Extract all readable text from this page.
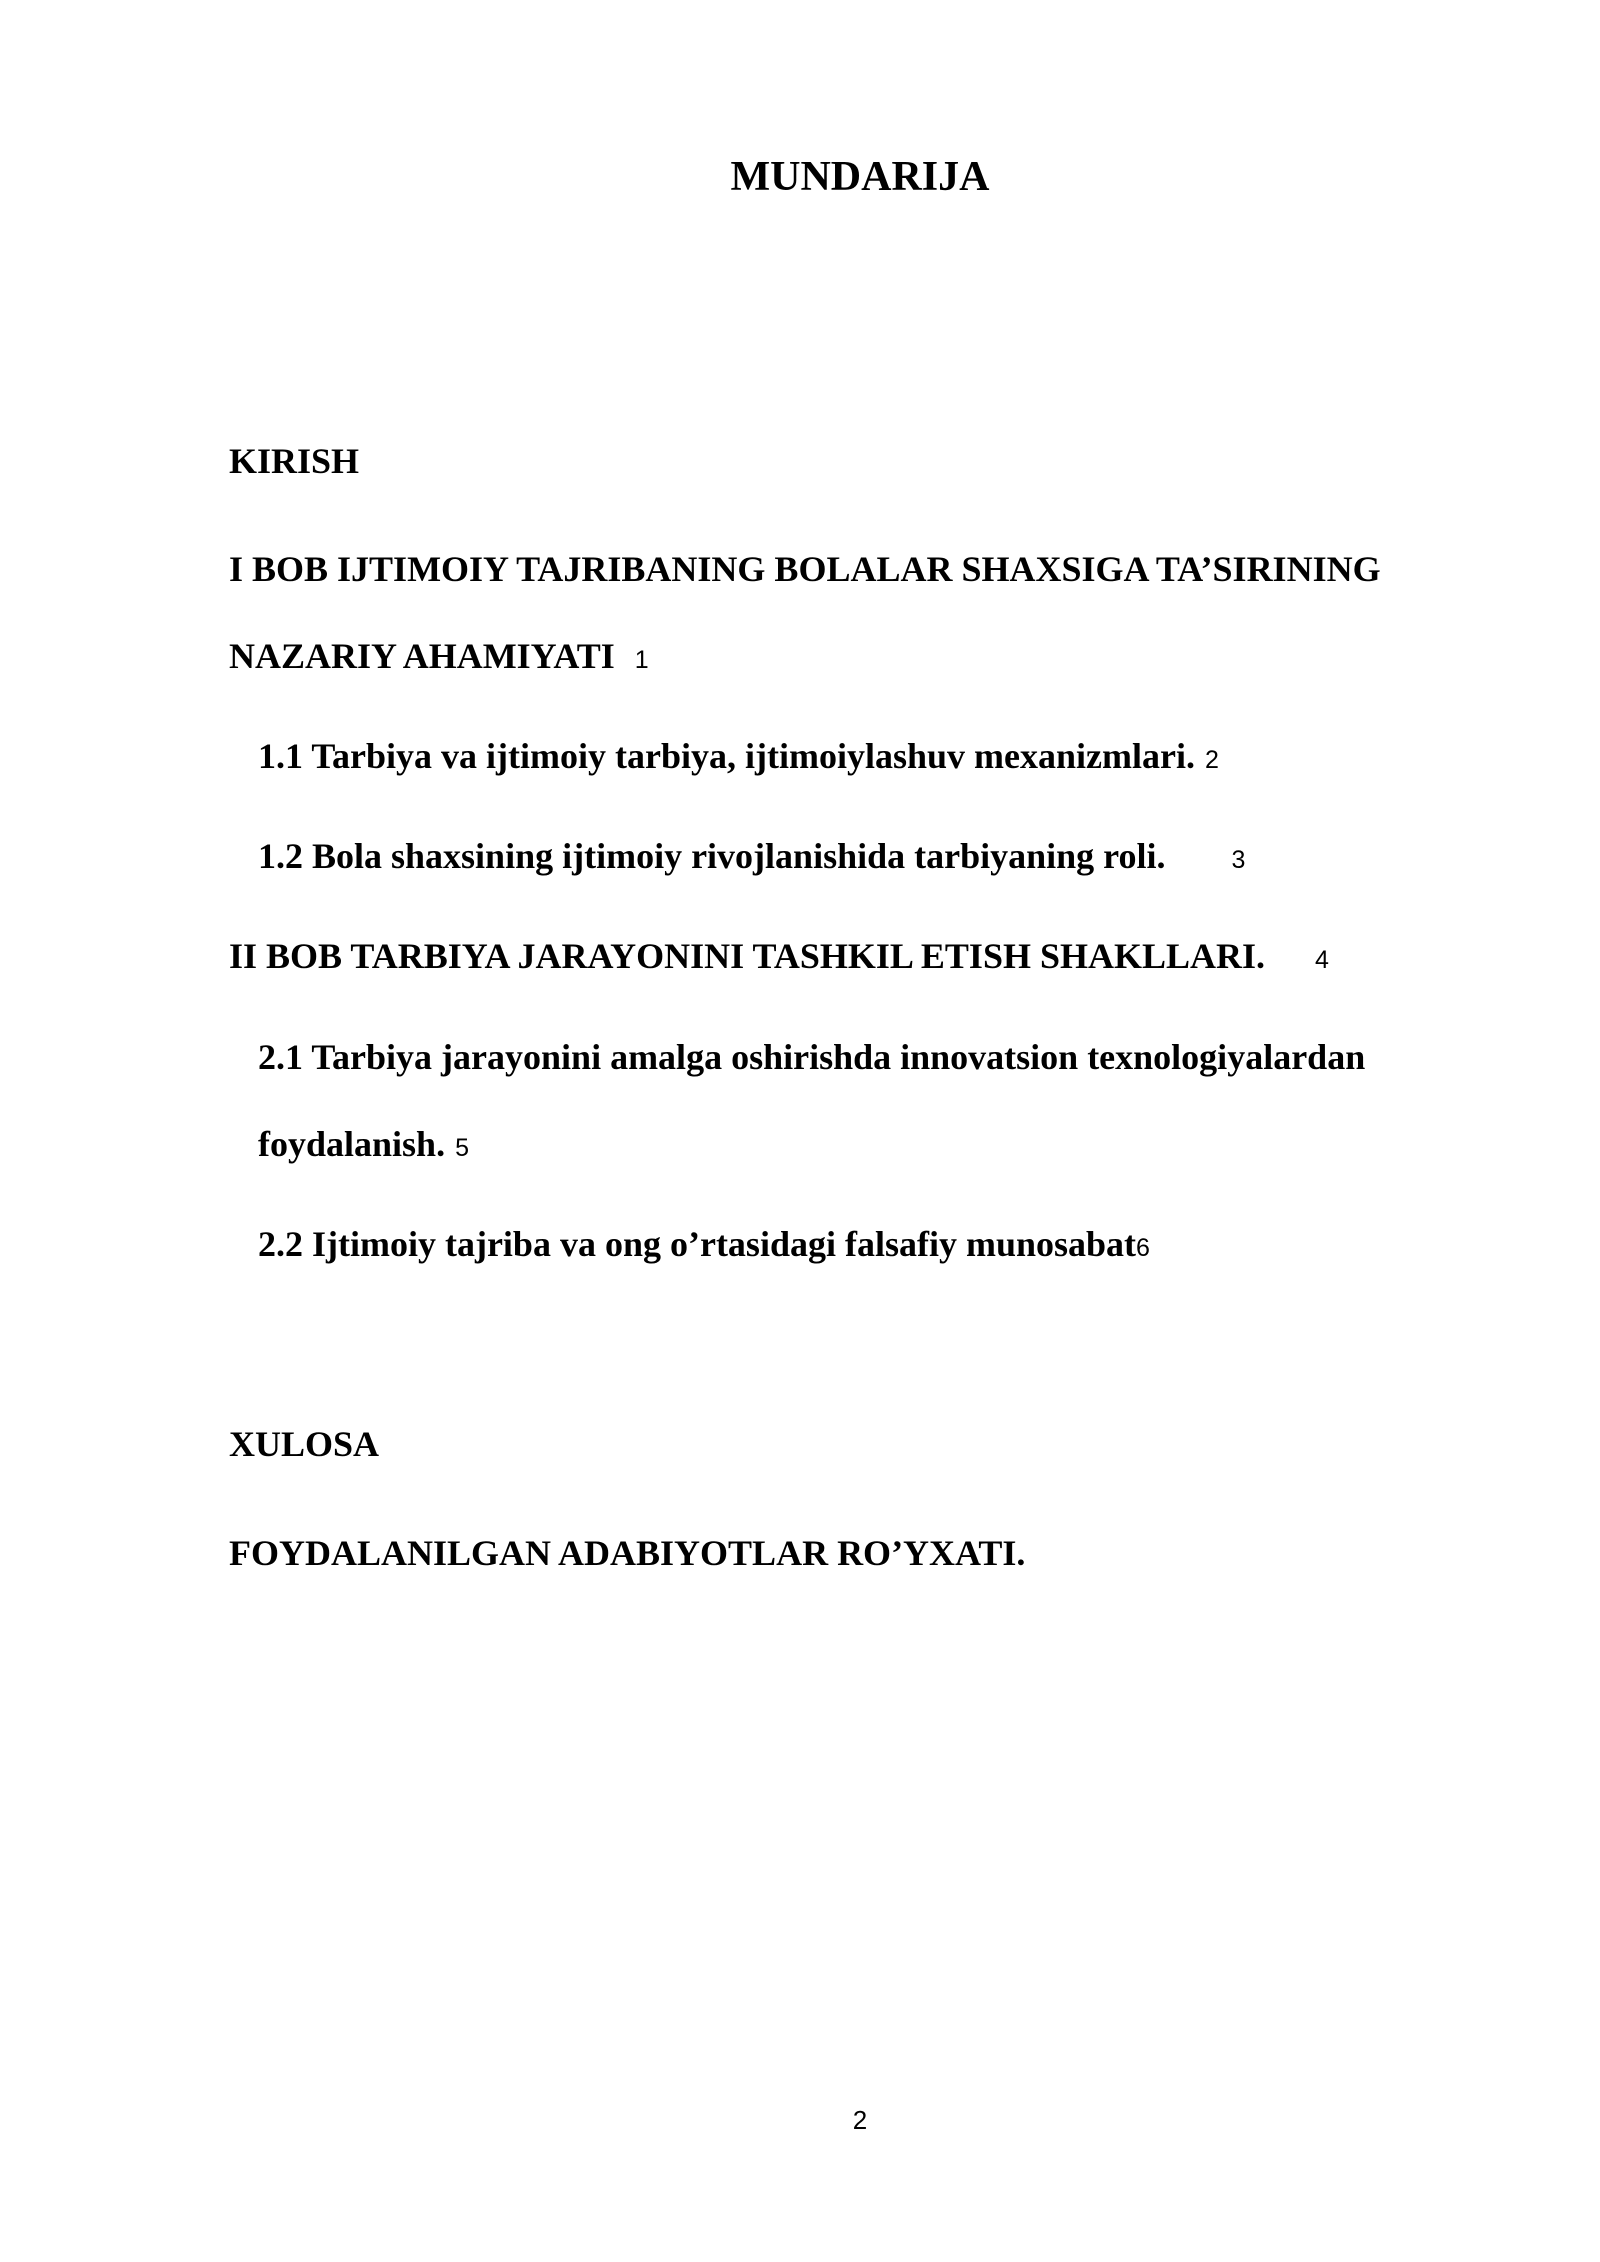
MUNDARIJA
KIRISH
I BOB IJTIMOIY TAJRIBANING BOLALAR SHAXSIGA TA’SIRINING
NAZARIY AHAMIYATI 1
1.1 Tarbiya va ijtimoiy tarbiya, ijtimoiylashuv mexanizmlari. 2
1.2 Bola shaxsining ijtimoiy rivojlanishida tarbiyaning roli.	3
II BOB TARBIYA JARAYONINI TASHKIL ETISH SHAKLLARI. 4
2.1 Tarbiya jarayonini amalga oshirishda innovatsion texnologiyalardan
foydalanish. 5
2.2 Ijtimoiy tajriba va ong o’rtasidagi falsafiy munosabat6
XULOSA
FOYDALANILGAN ADABIYOTLAR RO’YXATI.
2
